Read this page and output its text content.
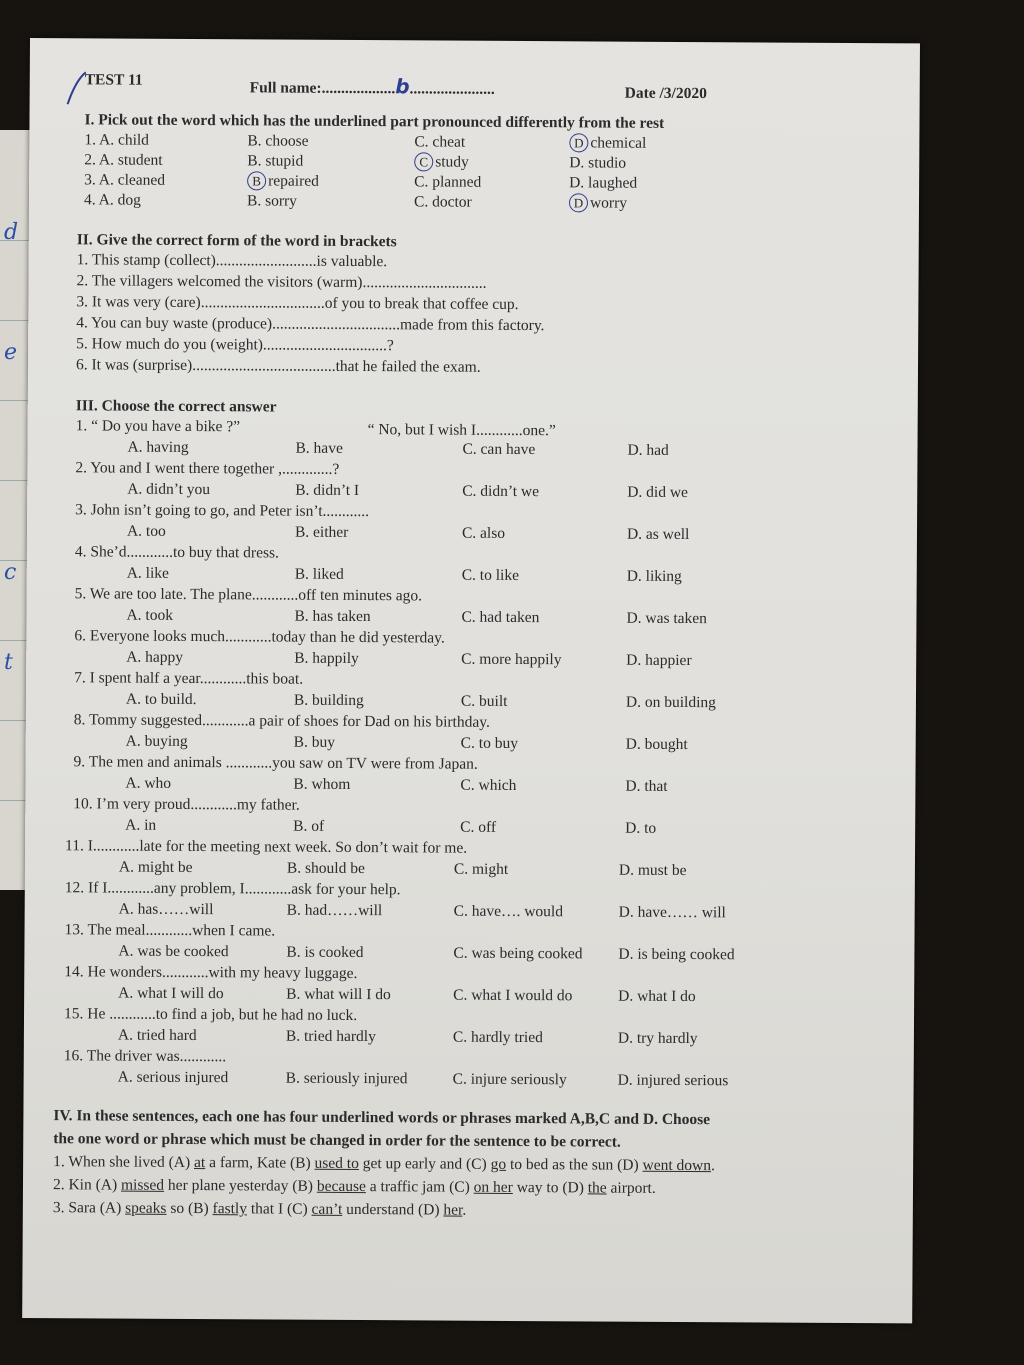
d
e
c
t
TEST 11	Full name:...................b......................	Date /3/2020
I. Pick out the word which has the underlined part pronounced differently from the rest
1. A. child	B. choose	C. cheat	D chemical
2. A. student	B. stupid	C study	D. studio
3. A. cleaned	B repaired	C. planned	D. laughed
4. A. dog	B. sorry	C. doctor	D worry
II. Give the correct form of the word in brackets
1. This stamp (collect)..........................is valuable.
2. The villagers welcomed the visitors (warm)................................
3. It was very (care)................................of you to break that coffee cup.
4. You can buy waste (produce).................................made from this factory.
5. How much do you (weight)................................?
6. It was (surprise).....................................that he failed the exam.
III. Choose the correct answer
1. “ Do you have a bike ?”	“ No, but I wish I............one.”
A. having	B. have	C. can have	D. had
2. You and I went there together ,.............?
A. didn’t you	B. didn’t I	C. didn’t we	D. did we
3. John isn’t going to go, and Peter isn’t............
A. too	B. either	C. also	D. as well
4. She’d............to buy that dress.
A. like	B. liked	C. to like	D. liking
5. We are too late. The plane............off ten minutes ago.
A. took	B. has taken	C. had taken	D. was taken
6. Everyone looks much............today than he did yesterday.
A. happy	B. happily	C. more happily	D. happier
7. I spent half a year............this boat.
A. to build.	B. building	C. built	D. on building
8. Tommy suggested............a pair of shoes for Dad on his birthday.
A. buying	B. buy	C. to buy	D. bought
9. The men and animals ............you saw on TV were from Japan.
A. who	B. whom	C. which	D. that
10. I’m very proud............my father.
A. in	B. of	C. off	D. to
11. I............late for the meeting next week. So don’t wait for me.
A. might be	B. should be	C. might	D. must be
12. If I............any problem, I............ask for your help.
A. has……will	B. had……will	C. have…. would	D. have…… will
13. The meal............when I came.
A. was be cooked	B. is cooked	C. was being cooked D. is being cooked
14. He wonders............with my heavy luggage.
A. what I will do	B. what will I do	C. what I would do	D. what I do
15. He ............to find a job, but he had no luck.
A. tried hard	B. tried hardly	C. hardly tried	D. try hardly
16. The driver was............
A. serious injured	B. seriously injured	C. injure seriously	D. injured serious
IV. In these sentences, each one has four underlined words or phrases marked A,B,C and D. Choose
the one word or phrase which must be changed in order for the sentence to be correct.
1. When she lived (A) at a farm, Kate (B) used to get up early and (C) go to bed as the sun (D) went down.
2. Kin (A) missed her plane yesterday (B) because a traffic jam (C) on her way to (D) the airport.
3. Sara (A) speaks so (B) fastly that I (C) can’t understand (D) her.
